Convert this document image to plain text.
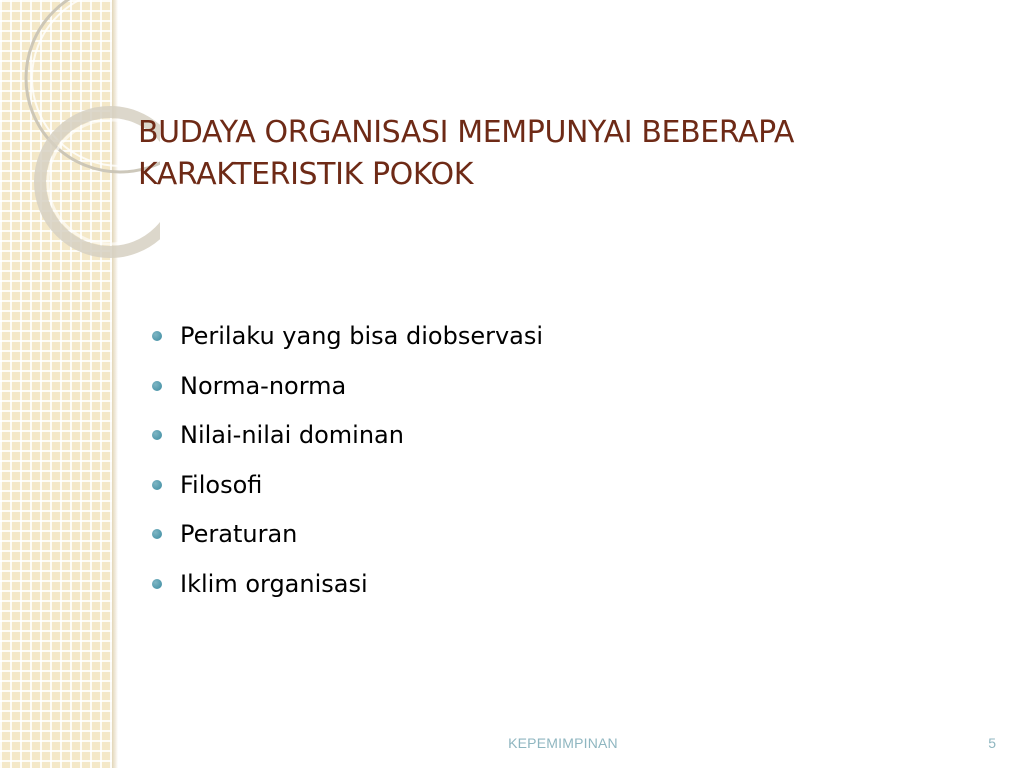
BUDAYA ORGANISASI MEMPUNYAI BEBERAPA
KARAKTERISTIK POKOK
Perilaku yang bisa diobservasi
Norma-norma
Nilai-nilai dominan
Filosofi
Peraturan
Iklim organisasi
KEPEMIMPINAN	5
